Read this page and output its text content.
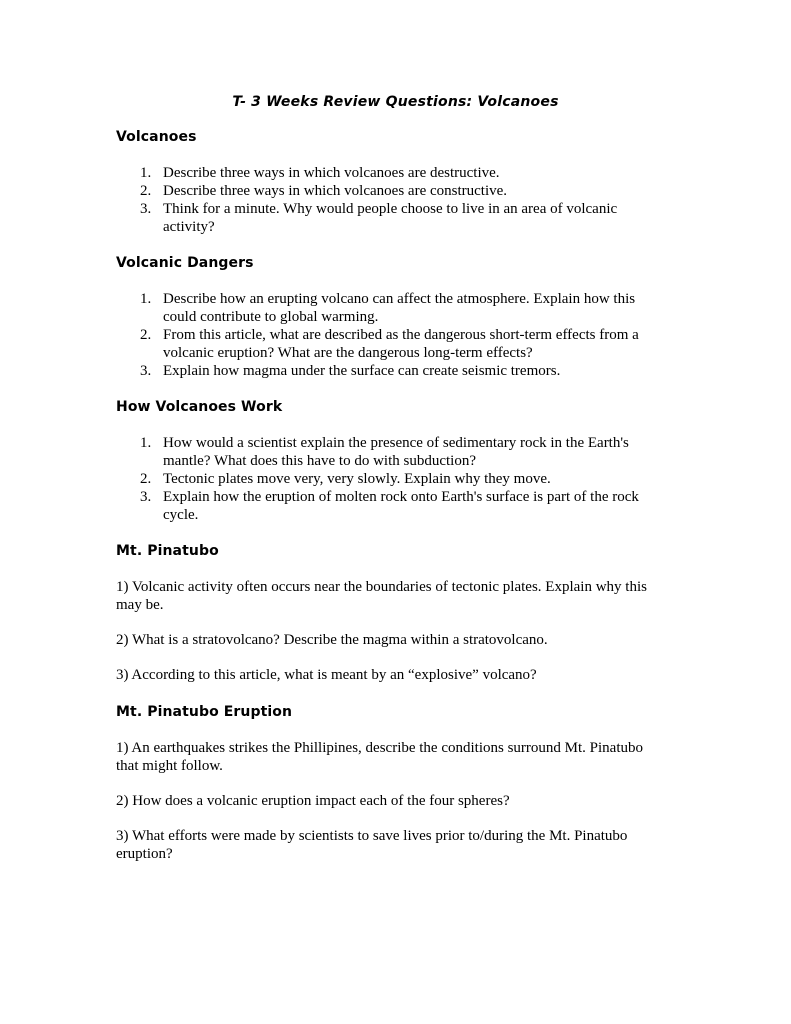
T- 3 Weeks Review Questions: Volcanoes
Volcanoes
1. Describe three ways in which volcanoes are destructive.
2. Describe three ways in which volcanoes are constructive.
3. Think for a minute. Why would people choose to live in an area of volcanic activity?
Volcanic Dangers
1. Describe how an erupting volcano can affect the atmosphere. Explain how this could contribute to global warming.
2. From this article, what are described as the dangerous short-term effects from a volcanic eruption? What are the dangerous long-term effects?
3. Explain how magma under the surface can create seismic tremors.
How Volcanoes Work
1. How would a scientist explain the presence of sedimentary rock in the Earth's mantle? What does this have to do with subduction?
2. Tectonic plates move very, very slowly. Explain why they move.
3. Explain how the eruption of molten rock onto Earth's surface is part of the rock cycle.
Mt. Pinatubo

1) Volcanic activity often occurs near the boundaries of tectonic plates. Explain why this may be.

2) What is a stratovolcano? Describe the magma within a stratovolcano.

3) According to this article, what is meant by an “explosive” volcano?

Mt. Pinatubo Eruption

1) An earthquakes strikes the Phillipines, describe the conditions surround Mt. Pinatubo that might follow.

2) How does a volcanic eruption impact each of the four spheres?

3) What efforts were made by scientists to save lives prior to/during the Mt. Pinatubo eruption?
